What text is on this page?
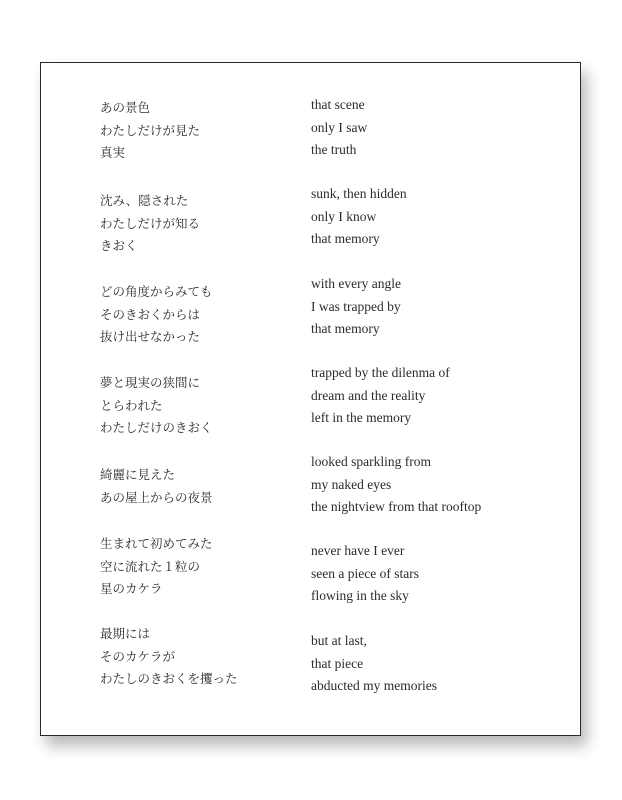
あの景色
わたしだけが見た
真実
that scene
only I saw
the truth
沈み、隠された
わたしだけが知る
きおく
sunk, then hidden
only I know
that memory
どの角度からみても
そのきおくからは
抜け出せなかった
with every angle
I was trapped by
that memory
夢と現実の狭間に
とらわれた
わたしだけのきおく
trapped by the dilenma of
dream and the reality
left in the memory
綺麗に見えた
あの屋上からの夜景
looked sparkling from
my naked eyes
the nightview from that rooftop
生まれて初めてみた
空に流れた１粒の
星のカケラ
never have I ever
seen a piece of stars
flowing in the sky
最期には
そのカケラが
わたしのきおくを攫った
but at last,
that piece
abducted my memories
